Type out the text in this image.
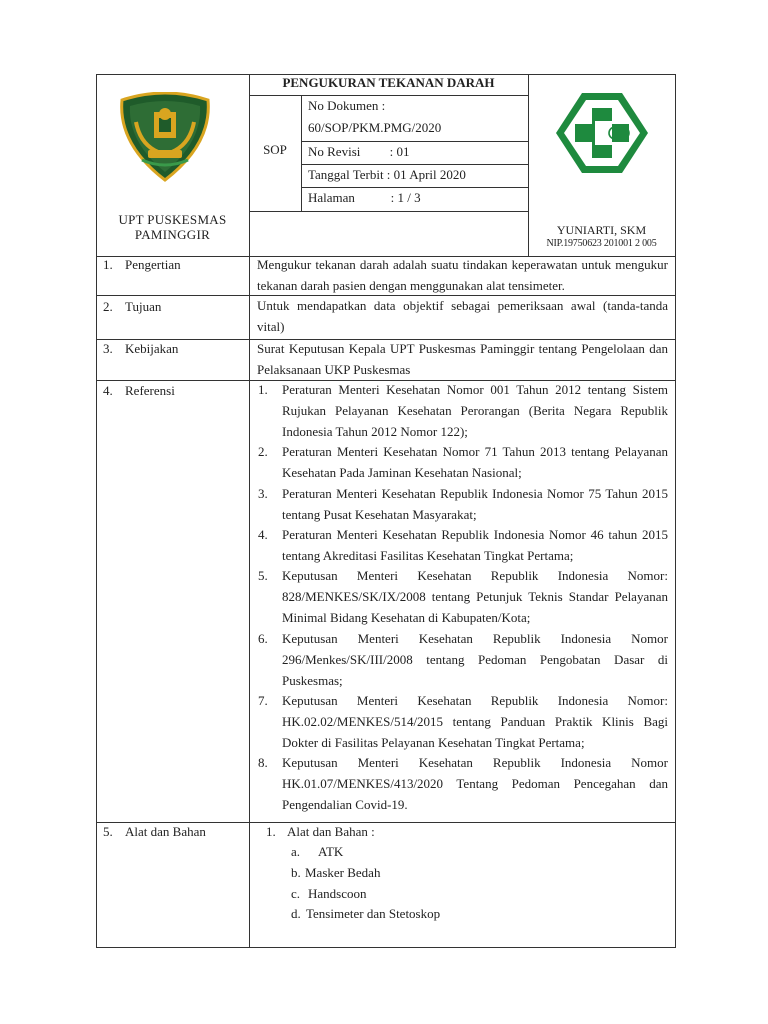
PENGUKURAN TEKANAN DARAH
SOP
No Dokumen :
60/SOP/PKM.PMG/2020
No Revisi         : 01
Tanggal Terbit : 01 April 2020
Halaman           : 1 / 3
UPT PUSKESMAS
PAMINGGIR	YUNIARTI, SKM
NIP.19750623 201001 2 005
1. Pengertian
2. Tujuan
3. Kebijakan
4. Referensi
5. Alat dan Bahan
Mengukur tekanan darah adalah suatu tindakan keperawatan untuk mengukur tekanan darah pasien dengan menggunakan alat tensimeter.
Untuk mendapatkan data objektif sebagai pemeriksaan awal (tanda-tanda vital)
Surat Keputusan Kepala UPT Puskesmas Paminggir tentang Pengelolaan dan Pelaksanaan UKP Puskesmas
1. Peraturan Menteri Kesehatan Nomor 001 Tahun 2012 tentang Sistem Rujukan Pelayanan Kesehatan Perorangan (Berita Negara Republik Indonesia Tahun 2012 Nomor 122);
2. Peraturan Menteri Kesehatan Nomor 71 Tahun 2013 tentang Pelayanan Kesehatan Pada Jaminan Kesehatan Nasional;
3. Peraturan Menteri Kesehatan Republik Indonesia Nomor 75 Tahun 2015 tentang Pusat Kesehatan Masyarakat;
4. Peraturan Menteri Kesehatan Republik Indonesia Nomor 46 tahun 2015 tentang Akreditasi Fasilitas Kesehatan Tingkat Pertama;
5. Keputusan Menteri Kesehatan Republik Indonesia Nomor: 828/MENKES/SK/IX/2008 tentang Petunjuk Teknis Standar Pelayanan Minimal Bidang Kesehatan di Kabupaten/Kota;
6. Keputusan Menteri Kesehatan Republik Indonesia Nomor 296/Menkes/SK/III/2008 tentang Pedoman Pengobatan Dasar di Puskesmas;
7. Keputusan Menteri Kesehatan Republik Indonesia Nomor: HK.02.02/MENKES/514/2015 tentang Panduan Praktik Klinis Bagi Dokter di Fasilitas Pelayanan Kesehatan Tingkat Pertama;
8. Keputusan Menteri Kesehatan Republik Indonesia Nomor HK.01.07/MENKES/413/2020 Tentang Pedoman Pencegahan dan Pengendalian Covid-19.
1. Alat dan Bahan :
a. ATK
b. Masker Bedah
c. Handscoon
d. Tensimeter dan Stetoskop
